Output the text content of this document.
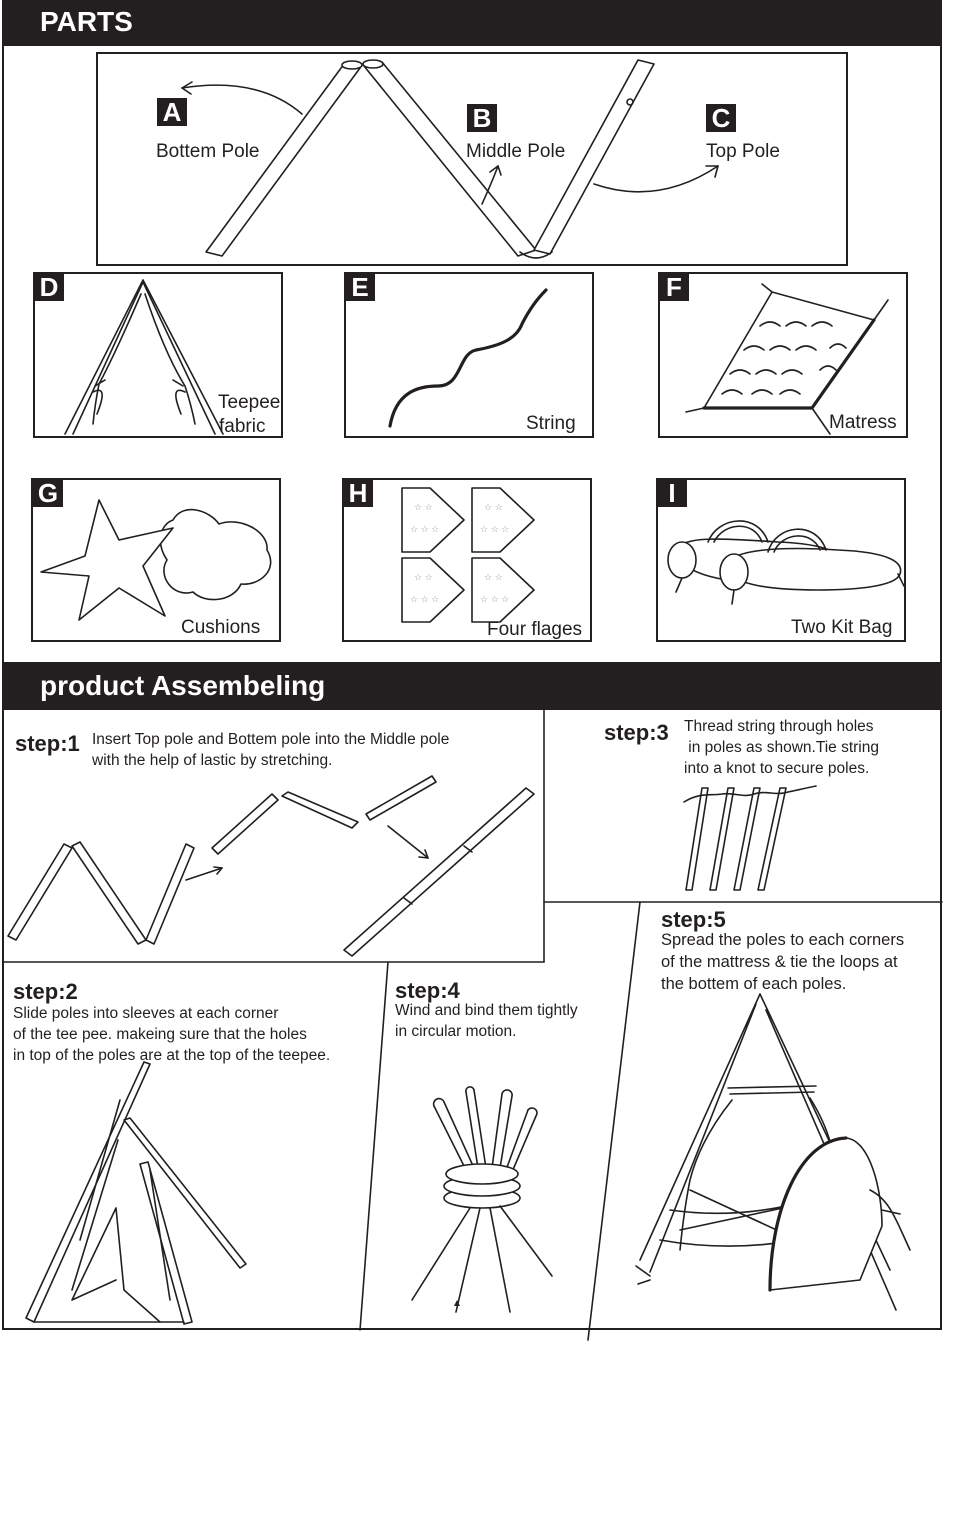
PARTS
A
Bottem Pole
B
Middle Pole
C
Top Pole
D
Teepee
fabric
E
String
F
Matress
G
Cushions
☆ ☆
☆ ☆ ☆
☆ ☆
☆ ☆ ☆
☆ ☆
☆ ☆ ☆
☆ ☆
☆ ☆ ☆
H
Four flages
I
Two Kit Bag
product Assembeling
step:1 Insert Top pole and Bottem pole into the Middle pole
with the help of lastic by stretching.
step:3 Thread string through holes
in poles as shown.Tie string
into a knot to secure poles.
step:5
Spread the poles to each corners
of the mattress & tie the loops at
the bottem of each poles.
step:2
Slide poles into sleeves at each corner
of the tee pee. makeing sure that the holes
in top of the poles are at the top of the teepee.
step:4
Wind and bind them tightly
in circular motion.
